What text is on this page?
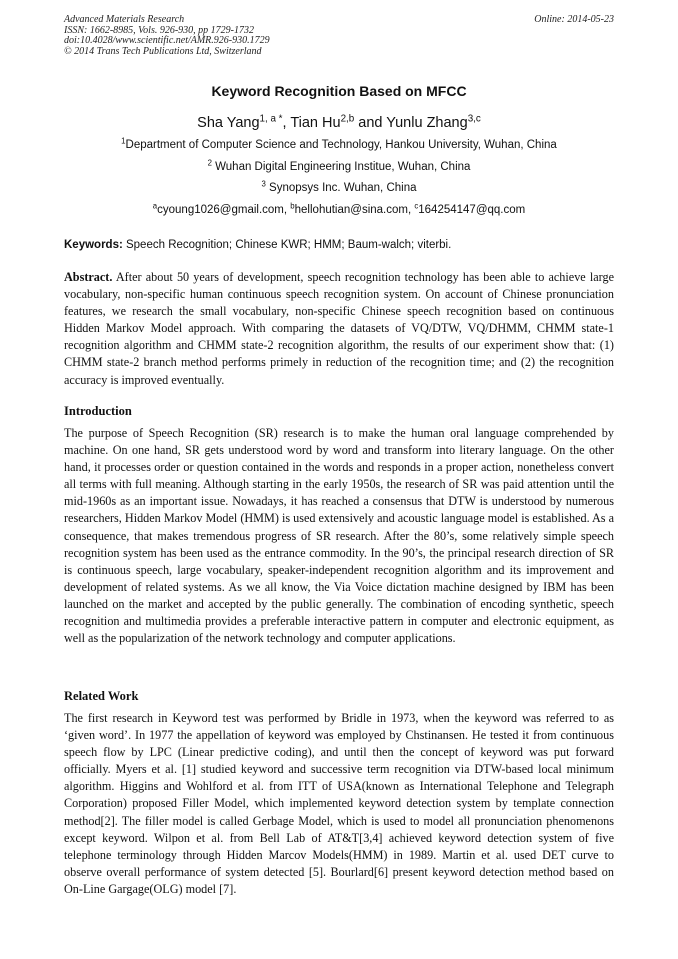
Advanced Materials Research
ISSN: 1662-8985, Vols. 926-930, pp 1729-1732
doi:10.4028/www.scientific.net/AMR.926-930.1729
© 2014 Trans Tech Publications Ltd, Switzerland
Online: 2014-05-23
Keyword Recognition Based on MFCC
Sha Yang$^{1, a *}$, Tian Hu$^{2,b}$ and Yunlu Zhang$^{3,c}$
$^1$Department of Computer Science and Technology, Hankou University, Wuhan, China
$^2$ Wuhan Digital Engineering Institue, Wuhan, China
$^3$ Synopsys Inc. Wuhan, China
$^a$cyoung1026@gmail.com, $^b$hellohutian@sina.com, $^c$164254147@qq.com
Keywords: Speech Recognition; Chinese KWR; HMM; Baum-walch; viterbi.
Abstract. After about 50 years of development, speech recognition technology has been able to achieve large vocabulary, non-specific human continuous speech recognition system. On account of Chinese pronunciation features, we research the small vocabulary, non-specific Chinese speech recognition based on continuous Hidden Markov Model approach. With comparing the datasets of VQ/DTW, VQ/DHMM, CHMM state-1 recognition algorithm and CHMM state-2 recognition algorithm, the results of our experiment show that: (1) CHMM state-2 branch method performs primely in reduction of the recognition time; and (2) the recognition accuracy is improved eventually.
Introduction
The purpose of Speech Recognition (SR) research is to make the human oral language comprehended by machine. On one hand, SR gets understood word by word and transform into literary language. On the other hand, it processes order or question contained in the words and responds in a proper action, nonetheless convert all terms with full meaning. Although starting in the early 1950s, the research of SR was paid attention until the mid-1960s as an important issue. Nowadays, it has reached a consensus that DTW is understood by numerous researchers, Hidden Markov Model (HMM) is used extensively and acoustic language model is established. As a consequence, that makes tremendous progress of SR research. After the 80’s, some relatively simple speech recognition system has been used as the entrance commodity. In the 90’s, the principal research direction of SR is continuous speech, large vocabulary, speaker-independent recognition algorithm and its improvement and development of related systems. As we all know, the Via Voice dictation machine designed by IBM has been launched on the market and accepted by the public generally. The combination of encoding synthetic, speech recognition and multimedia provides a preferable interactive pattern in computer and electronic equipment, as well as the popularization of the network technology and computer applications.
Related Work
The first research in Keyword test was performed by Bridle in 1973, when the keyword was referred to as ‘given word’. In 1977 the appellation of keyword was employed by Chstinansen. He tested it from continuous speech flow by LPC (Linear predictive coding), and until then the concept of keyword was put forward officially. Myers et al. [1] studied keyword and successive term recognition via DTW-based local minimum algorithm. Higgins and Wohlford et al. from ITT of USA(known as International Telephone and Telegraph Corporation) proposed Filler Model, which implemented keyword detection system by template connection method[2]. The filler model is called Gerbage Model, which is used to model all pronunciation phenomenons except keyword. Wilpon et al. from Bell Lab of AT&T[3,4] achieved keyword detection system of five telephone terminology through Hidden Marcov Models(HMM) in 1989. Martin et al. used DET curve to observe overall performance of system detected [5]. Bourlard[6] present keyword detection method based on On-Line Gargage(OLG) model [7].
